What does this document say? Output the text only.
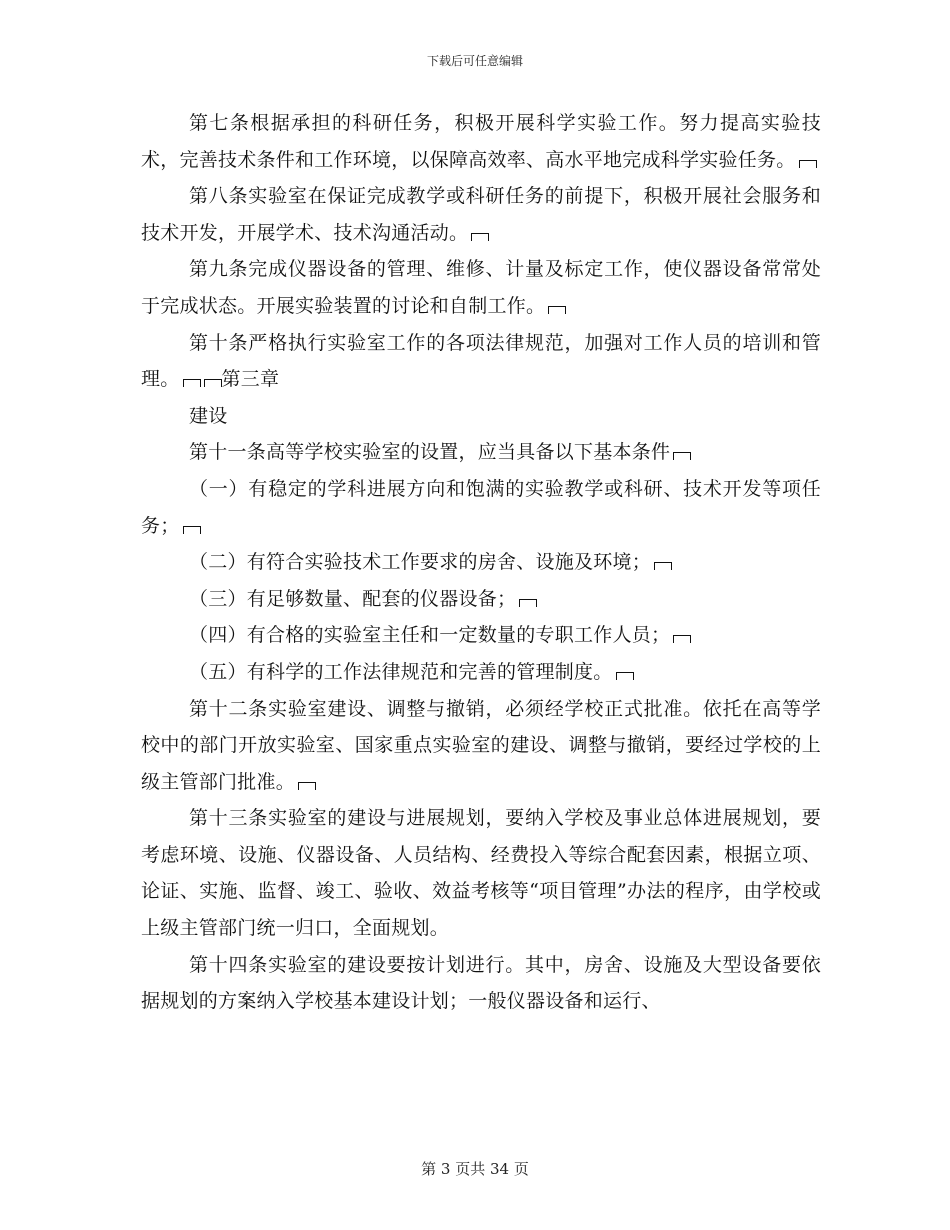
下载后可任意编辑

第七条根据承担的科研任务，积极开展科学实验工作。努力提高实验技术，完善技术条件和工作环境，以保障高效率、高水平地完成科学实验任务。

第八条实验室在保证完成教学或科研任务的前提下，积极开展社会服务和技术开发，开展学术、技术沟通活动。

第九条完成仪器设备的管理、维修、计量及标定工作，使仪器设备常常处于完成状态。开展实验装置的讨论和自制工作。

第十条严格执行实验室工作的各项法律规范，加强对工作人员的培训和管理。 第三章

建设

第十一条高等学校实验室的设置，应当具备以下基本条件

（一）有稳定的学科进展方向和饱满的实验教学或科研、技术开发等项任务；

（二）有符合实验技术工作要求的房舍、设施及环境；

（三）有足够数量、配套的仪器设备；

（四）有合格的实验室主任和一定数量的专职工作人员；

（五）有科学的工作法律规范和完善的管理制度。

第十二条实验室建设、调整与撤销，必须经学校正式批准。依托在高等学校中的部门开放实验室、国家重点实验室的建设、调整与撤销，要经过学校的上级主管部门批准。

第十三条实验室的建设与进展规划，要纳入学校及事业总体进展规划，要考虑环境、设施、仪器设备、人员结构、经费投入等综合配套因素，根据立项、论证、实施、监督、竣工、验收、效益考核等“项目管理”办法的程序，由学校或上级主管部门统一归口，全面规划。

第十四条实验室的建设要按计划进行。其中，房舍、设施及大型设备要依据规划的方案纳入学校基本建设计划；一般仪器设备和运行、

第 3 页共 34 页
